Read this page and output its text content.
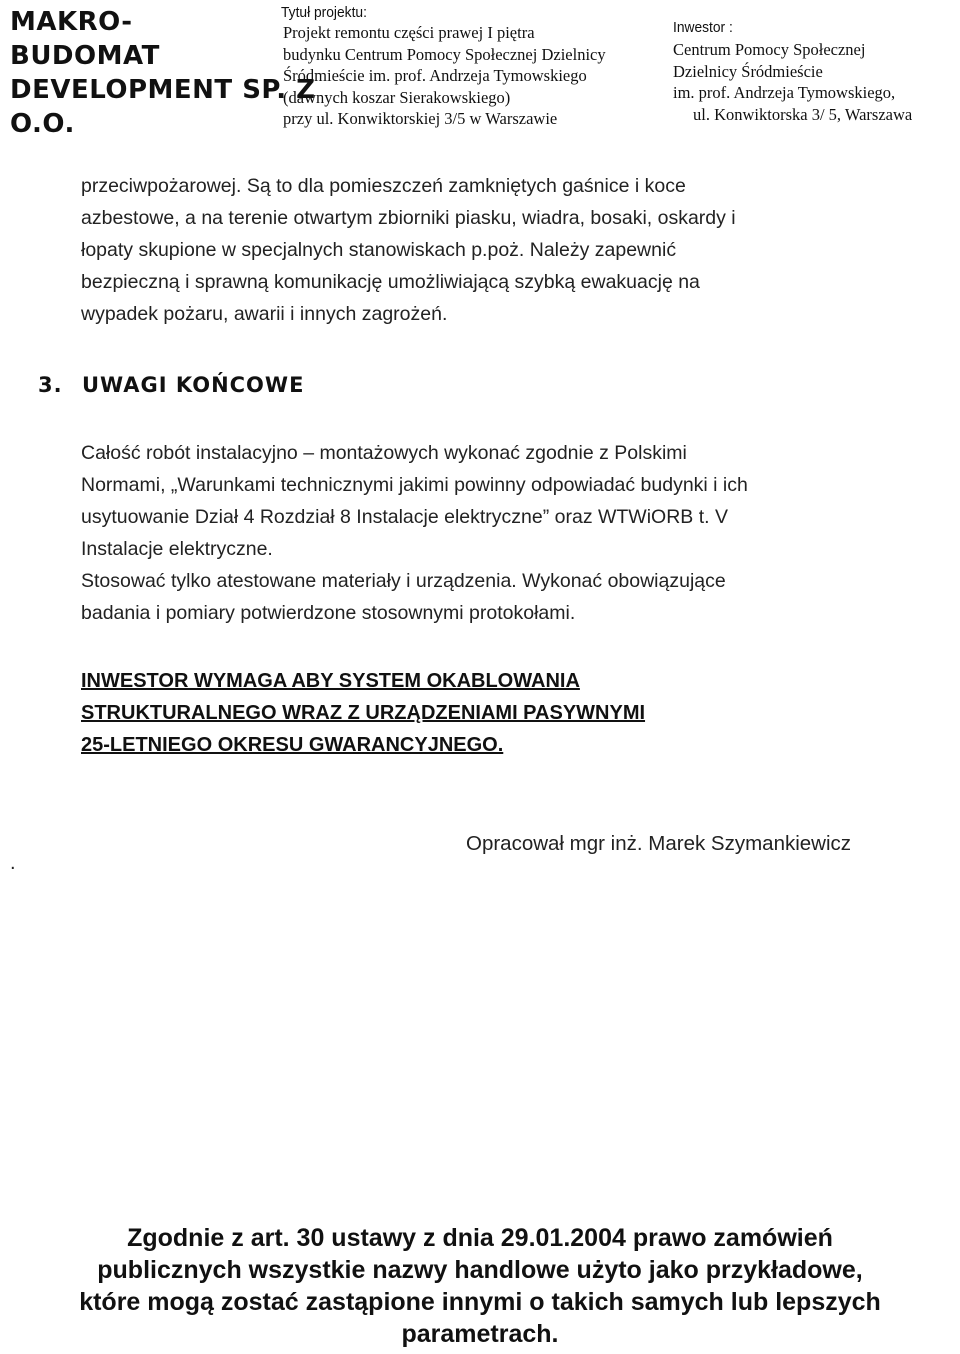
MAKRO-
BUDOMAT
DEVELOPMENT SP. Z
O.O.
Tytuł projektu:
Projekt remontu części prawej I piętra
budynku Centrum Pomocy Społecznej Dzielnicy
Śródmieście im. prof. Andrzeja Tymowskiego
(dawnych koszar Sierakowskiego)
przy ul. Konwiktorskiej 3/5 w Warszawie
Inwestor :
Centrum Pomocy Społecznej
Dzielnicy Śródmieście
im. prof. Andrzeja Tymowskiego,
ul. Konwiktorska 3/ 5, Warszawa
przeciwpożarowej. Są to dla pomieszczeń zamkniętych gaśnice i koce
azbestowe, a na terenie otwartym zbiorniki piasku, wiadra, bosaki, oskardy i
łopaty skupione w specjalnych stanowiskach p.poż. Należy zapewnić
bezpieczną i sprawną komunikację umożliwiającą szybką ewakuację na
wypadek pożaru, awarii i innych zagrożeń.
3. UWAGI KOŃCOWE
Całość robót instalacyjno – montażowych wykonać zgodnie z Polskimi
Normami, „Warunkami technicznymi jakimi powinny odpowiadać budynki i ich
usytuowanie Dział 4 Rozdział 8 Instalacje elektryczne” oraz WTWiORB t. V
Instalacje elektryczne.
Stosować tylko atestowane materiały i urządzenia. Wykonać obowiązujące
badania i pomiary potwierdzone stosownymi protokołami.
INWESTOR WYMAGA ABY SYSTEM OKABLOWANIA
STRUKTURALNEGO WRAZ Z URZĄDZENIAMI PASYWNYMI
25-LETNIEGO OKRESU GWARANCYJNEGO.
.
Opracował mgr inż. Marek Szymankiewicz
Zgodnie z art. 30 ustawy z dnia 29.01.2004 prawo zamówień
publicznych wszystkie nazwy handlowe użyto jako przykładowe,
które mogą zostać zastąpione innymi o takich samych lub lepszych
parametrach.
